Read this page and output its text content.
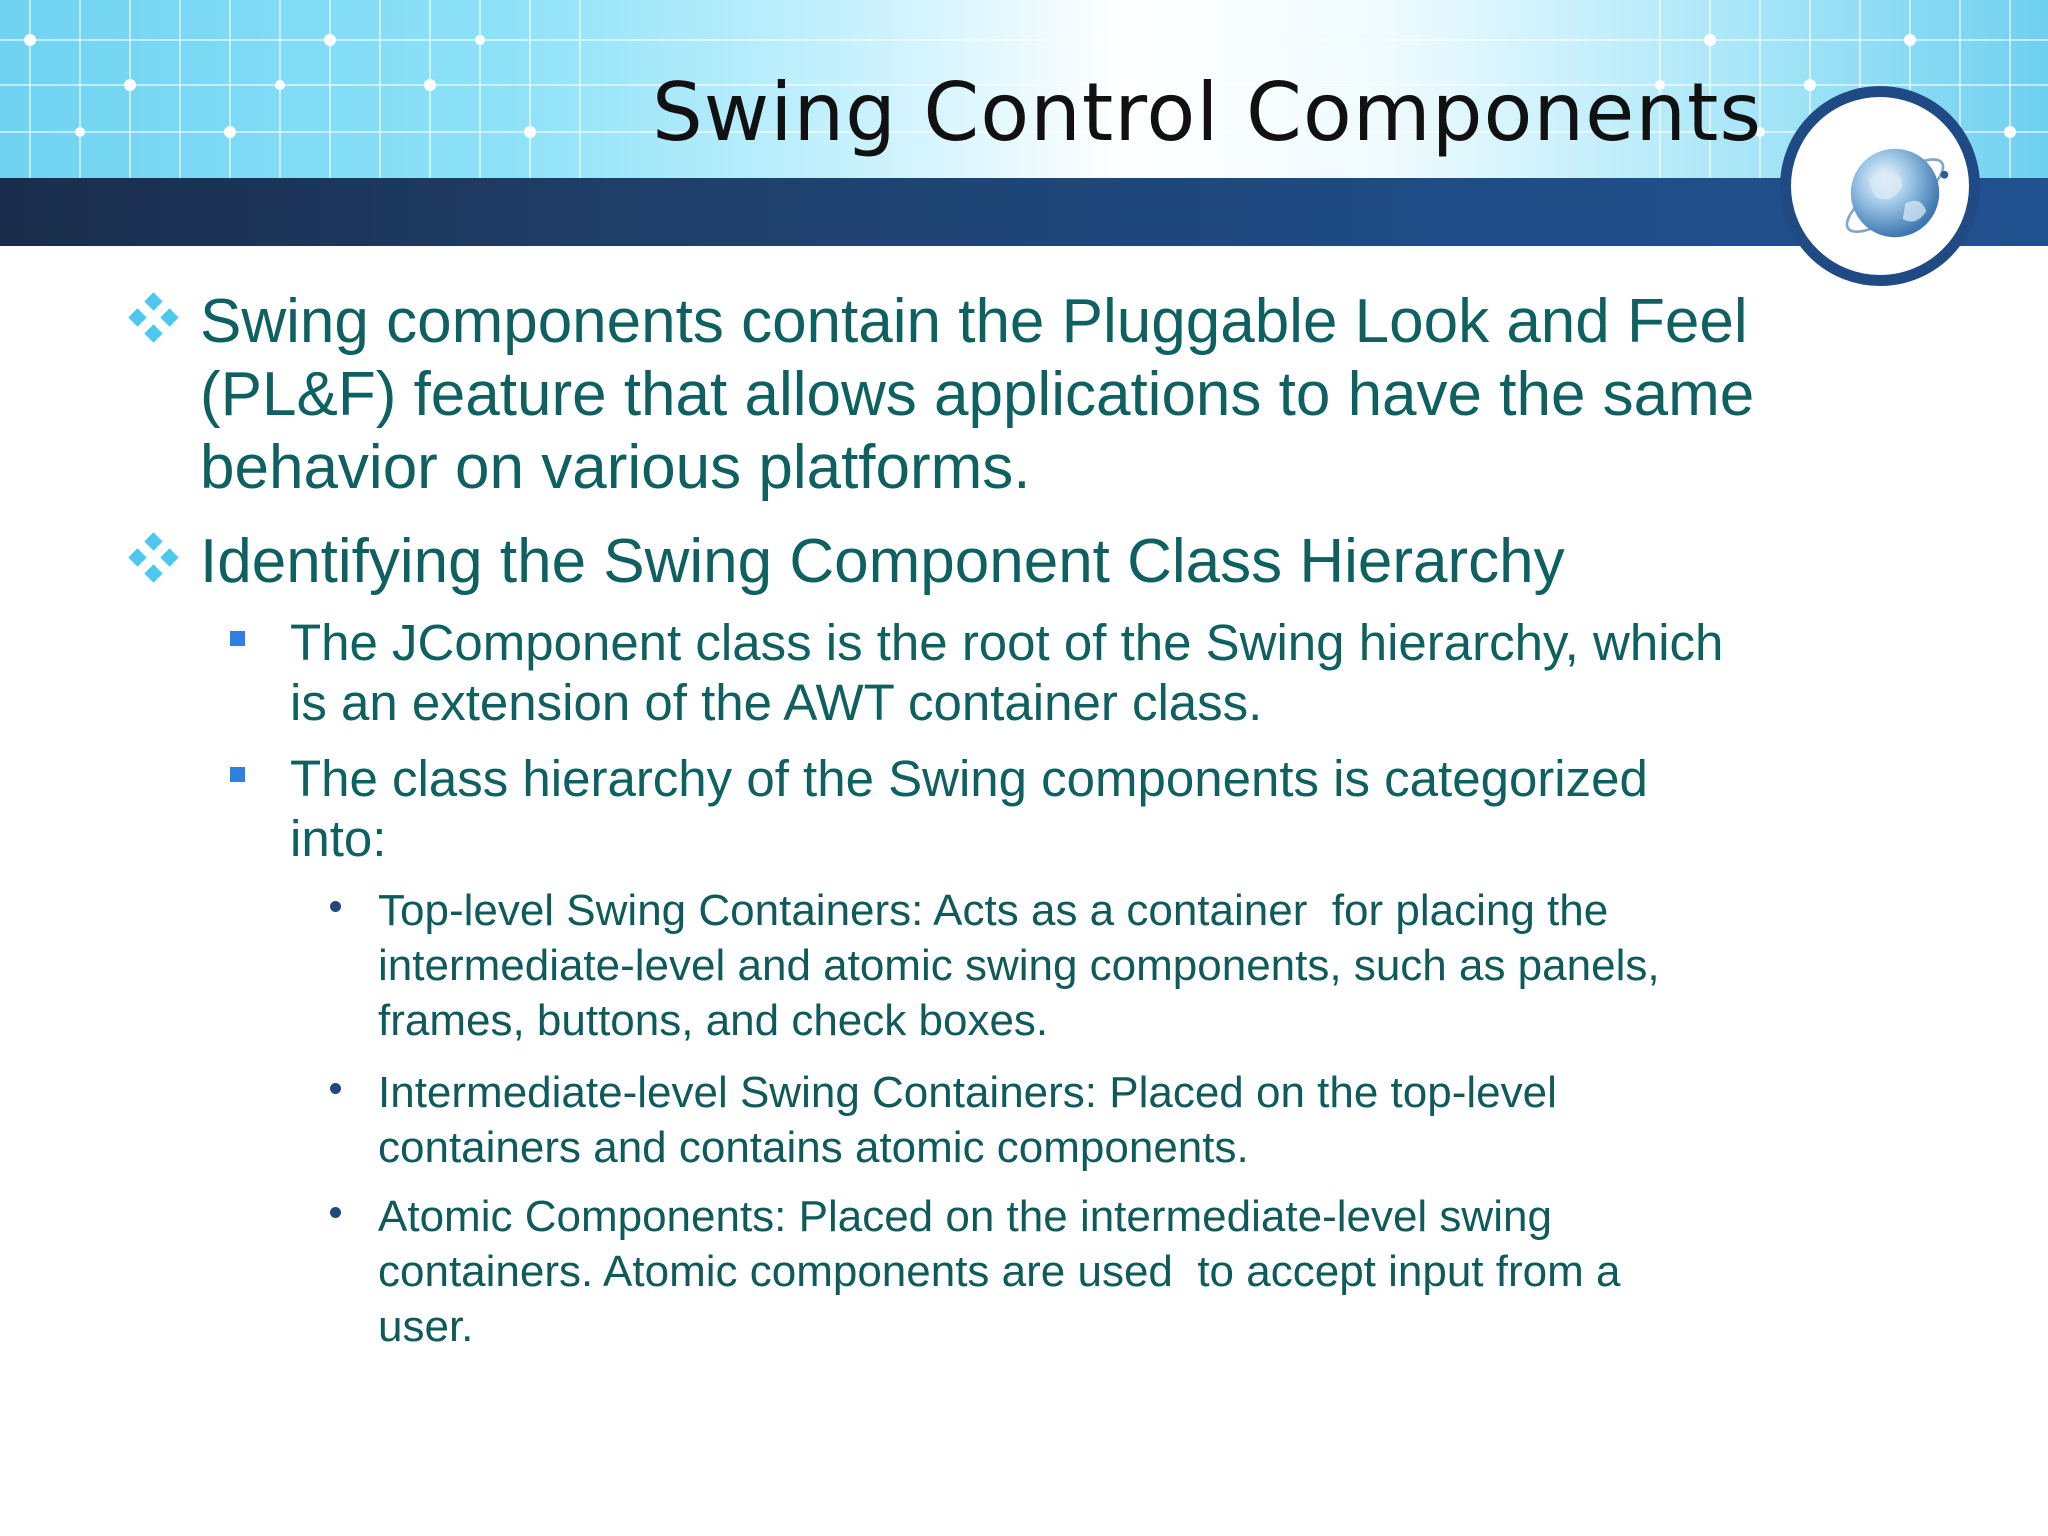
Swing Control Components
Swing components contain the Pluggable Look and Feel
(PL&F) feature that allows applications to have the same
behavior on various platforms.
Identifying the Swing Component Class Hierarchy
The JComponent class is the root of the Swing hierarchy, which
is an extension of the AWT container class.
The class hierarchy of the Swing components is categorized
into:
Top-level Swing Containers: Acts as a container  for placing the
intermediate-level and atomic swing components, such as panels,
frames, buttons, and check boxes.
Intermediate-level Swing Containers: Placed on the top-level
containers and contains atomic components.
Atomic Components: Placed on the intermediate-level swing
containers. Atomic components are used  to accept input from a
user.
